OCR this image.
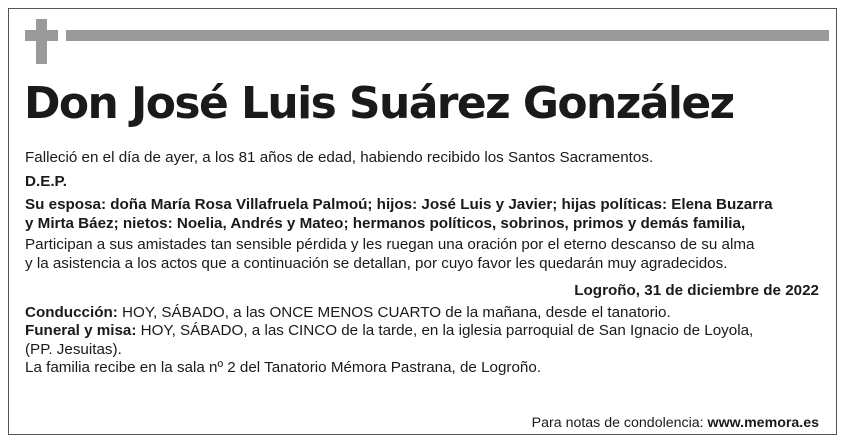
Don José Luis Suárez González
Falleció en el día de ayer, a los 81 años de edad, habiendo recibido los Santos Sacramentos.
D.E.P.
Su esposa: doña María Rosa Villafruela Palmoú; hijos: José Luis y Javier; hijas políticas: Elena Buzarra
y Mirta Báez; nietos: Noelia, Andrés y Mateo; hermanos políticos, sobrinos, primos y demás familia,
Participan a sus amistades tan sensible pérdida y les ruegan una oración por el eterno descanso de su alma
y la asistencia a los actos que a continuación se detallan, por cuyo favor les quedarán muy agradecidos.
Logroño, 31 de diciembre de 2022
Conducción: HOY, SÁBADO, a las ONCE MENOS CUARTO de la mañana, desde el tanatorio.
Funeral y misa: HOY, SÁBADO, a las CINCO de la tarde, en la iglesia parroquial de San Ignacio de Loyola,
(PP. Jesuitas).
La familia recibe en la sala nº 2 del Tanatorio Mémora Pastrana, de Logroño.
Para notas de condolencia: www.memora.es
